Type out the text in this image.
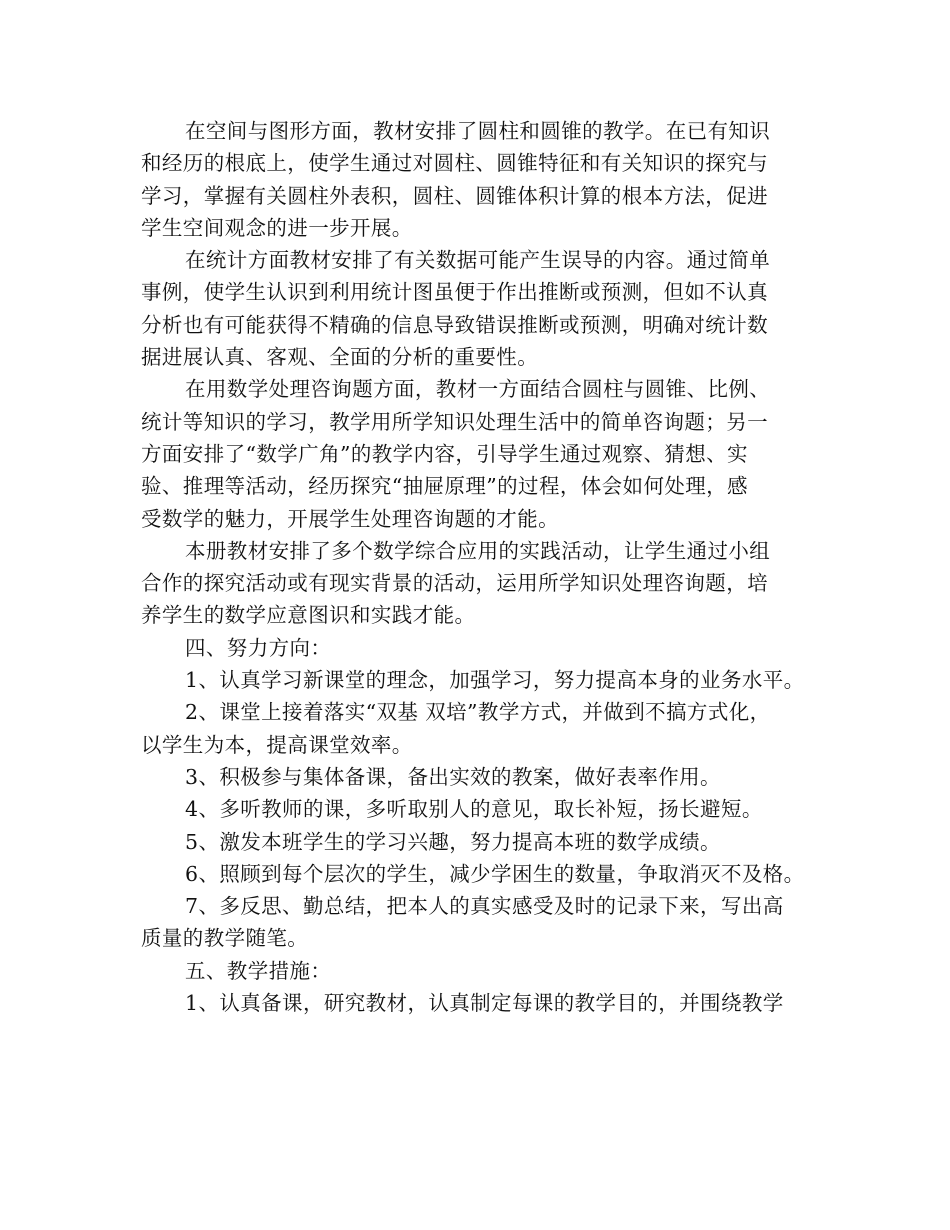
在空间与图形方面，教材安排了圆柱和圆锥的教学。在已有知识
和经历的根底上，使学生通过对圆柱、圆锥特征和有关知识的探究与
学习，掌握有关圆柱外表积，圆柱、圆锥体积计算的根本方法，促进
学生空间观念的进一步开展。
在统计方面教材安排了有关数据可能产生误导的内容。通过简单
事例，使学生认识到利用统计图虽便于作出推断或预测，但如不认真
分析也有可能获得不精确的信息导致错误推断或预测，明确对统计数
据进展认真、客观、全面的分析的重要性。
在用数学处理咨询题方面，教材一方面结合圆柱与圆锥、比例、
统计等知识的学习，教学用所学知识处理生活中的简单咨询题；另一
方面安排了“数学广角”的教学内容，引导学生通过观察、猜想、实
验、推理等活动，经历探究“抽屉原理”的过程，体会如何处理，感
受数学的魅力，开展学生处理咨询题的才能。
本册教材安排了多个数学综合应用的实践活动，让学生通过小组
合作的探究活动或有现实背景的活动，运用所学知识处理咨询题，培
养学生的数学应意图识和实践才能。
四、努力方向：
1、认真学习新课堂的理念，加强学习，努力提高本身的业务水平。
2、课堂上接着落实“双基 双培”教学方式，并做到不搞方式化，
以学生为本，提高课堂效率。
3、积极参与集体备课，备出实效的教案，做好表率作用。
4、多听教师的课，多听取别人的意见，取长补短，扬长避短。
5、激发本班学生的学习兴趣，努力提高本班的数学成绩。
6、照顾到每个层次的学生，减少学困生的数量，争取消灭不及格。
7、多反思、勤总结，把本人的真实感受及时的记录下来，写出高
质量的教学随笔。
五、教学措施：
1、认真备课，研究教材，认真制定每课的教学目的，并围绕教学
